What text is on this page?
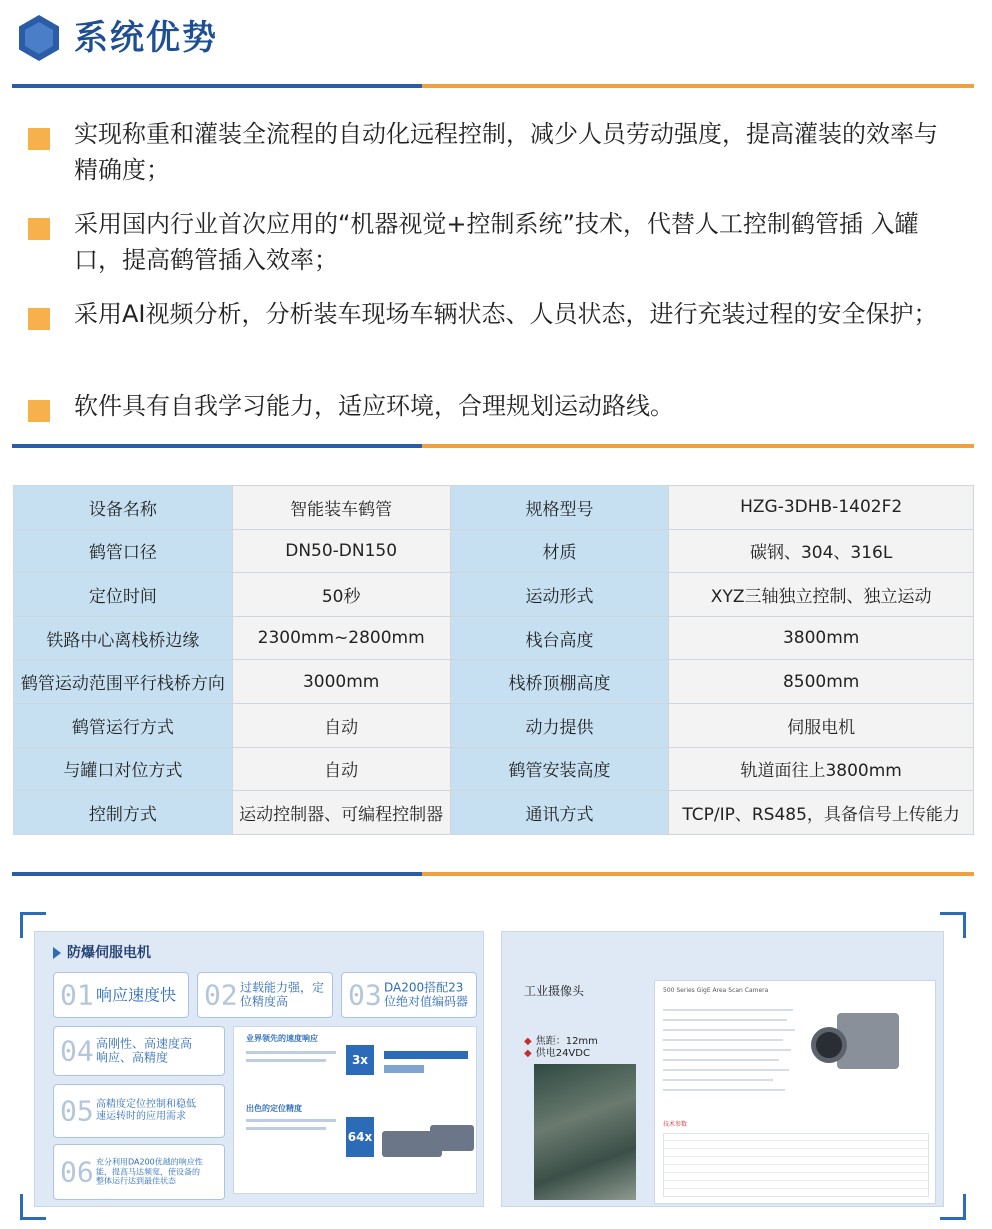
系统优势
实现称重和灌装全流程的自动化远程控制，减少人员劳动强度，提高灌装的效率与精确度；
采用国内行业首次应用的“机器视觉+控制系统”技术，代替人工控制鹤管插 入罐口，提高鹤管插入效率；
采用AI视频分析，分析装车现场车辆状态、人员状态，进行充装过程的安全保护；
软件具有自我学习能力，适应环境，合理规划运动路线。
设备名称	智能装车鹤管	规格型号	HZG-3DHB-1402F2
鹤管口径	DN50-DN150	材质	碳钢、304、316L
定位时间	50秒	运动形式	XYZ三轴独立控制、独立运动
铁路中心离栈桥边缘	2300mm~2800mm	栈台高度	3800mm
鹤管运动范围平行栈桥方向	3000mm	栈桥顶棚高度	8500mm
鹤管运行方式	自动	动力提供	伺服电机
与罐口对位方式	自动	鹤管安装高度	轨道面往上3800mm
控制方式	运动控制器、可编程控制器	通讯方式	TCP/IP、RS485，具备信号上传能力
防爆伺服电机
01 响应速度快 02 过载能力强，定位精度高	03 DA200搭配23位绝对值编码器
04 高刚性、高速度高响应、高精度
05 高精度定位控制和稳低速运转时的应用需求
06 充分利用DA200优越的响应性能，提高马达频宽，使设备的整体运行达到最佳状态
业界领先的速度响应
3x
出色的定位精度
64x
工业摄像头
◆ 焦距：12mm
◆ 供电24VDC
500 Series GigE Area Scan Camera
技术参数
